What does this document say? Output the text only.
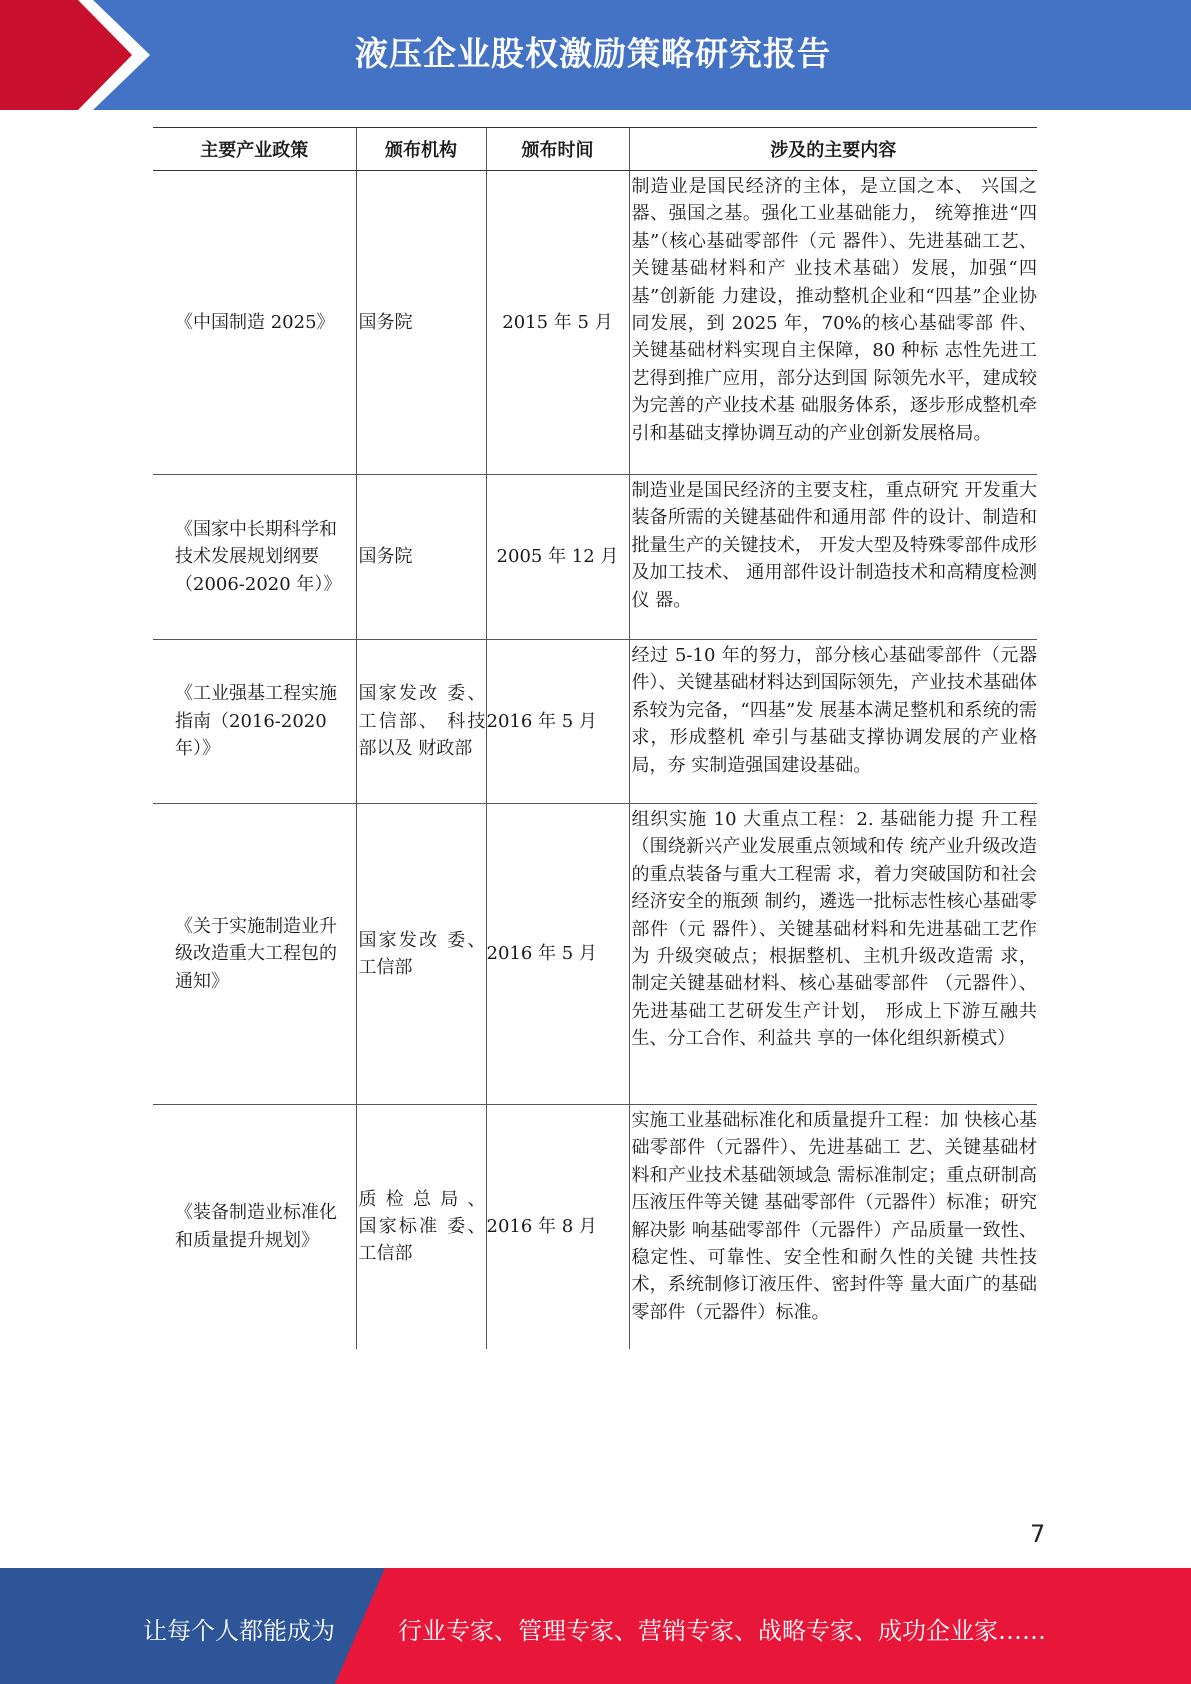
液压企业股权激励策略研究报告
主要产业政策	颁布机构	颁布时间	涉及的主要内容
《中国制造 2025》	国务院	2015 年 5 月	制造业是国民经济的主体，是立国之本、 兴国之器、强国之基。强化工业基础能力， 统筹推进“四基”（核心基础零部件（元 器件）、先进基础工艺、关键基础材料和产 业技术基础）发展，加强“四基”创新能 力建设，推动整机企业和“四基”企业协 同发展，到 2025 年，70%的核心基础零部 件、关键基础材料实现自主保障，80 种标 志性先进工艺得到推广应用，部分达到国 际领先水平，建成较为完善的产业技术基 础服务体系，逐步形成整机牵引和基础支撑协调互动的产业创新发展格局。
《国家中长期科学和技术发展规划纲要（2006-2020 年）》	国务院	2005 年 12 月	制造业是国民经济的主要支柱，重点研究 开发重大装备所需的关键基础件和通用部 件的设计、制造和批量生产的关键技术， 开发大型及特殊零部件成形及加工技术、 通用部件设计制造技术和高精度检测仪 器。
《工业强基工程实施指南（2016-2020 年）》	国家发改 委、工信部、 科技部以及 财政部	2016 年 5 月	经过 5-10 年的努力，部分核心基础零部件（元器件）、关键基础材料达到国际领先，产业技术基础体系较为完备，“四基”发 展基本满足整机和系统的需求，形成整机 牵引与基础支撑协调发展的产业格局，夯 实制造强国建设基础。
《关于实施制造业升级改造重大工程包的通知》	国家发改 委、工信部	2016 年 5 月	组织实施 10 大重点工程：2. 基础能力提 升工程（围绕新兴产业发展重点领域和传 统产业升级改造的重点装备与重大工程需 求，着力突破国防和社会经济安全的瓶颈 制约，遴选一批标志性核心基础零部件（元 器件）、关键基础材料和先进基础工艺作为 升级突破点；根据整机、主机升级改造需 求，制定关键基础材料、核心基础零部件 （元器件）、先进基础工艺研发生产计划， 形成上下游互融共生、分工合作、利益共 享的一体化组织新模式）
《装备制造业标准化和质量提升规划》	质 检 总 局 、国家标准 委、工信部	2016 年 8 月	实施工业基础标准化和质量提升工程：加 快核心基础零部件（元器件）、先进基础工 艺、关键基础材料和产业技术基础领域急 需标准制定；重点研制高压液压件等关键 基础零部件（元器件）标准；研究解决影 响基础零部件（元器件）产品质量一致性、 稳定性、可靠性、安全性和耐久性的关键 共性技术，系统制修订液压件、密封件等 量大面广的基础零部件（元器件）标准。
7
让每个人都能成为	行业专家、管理专家、营销专家、战略专家、成功企业家……
